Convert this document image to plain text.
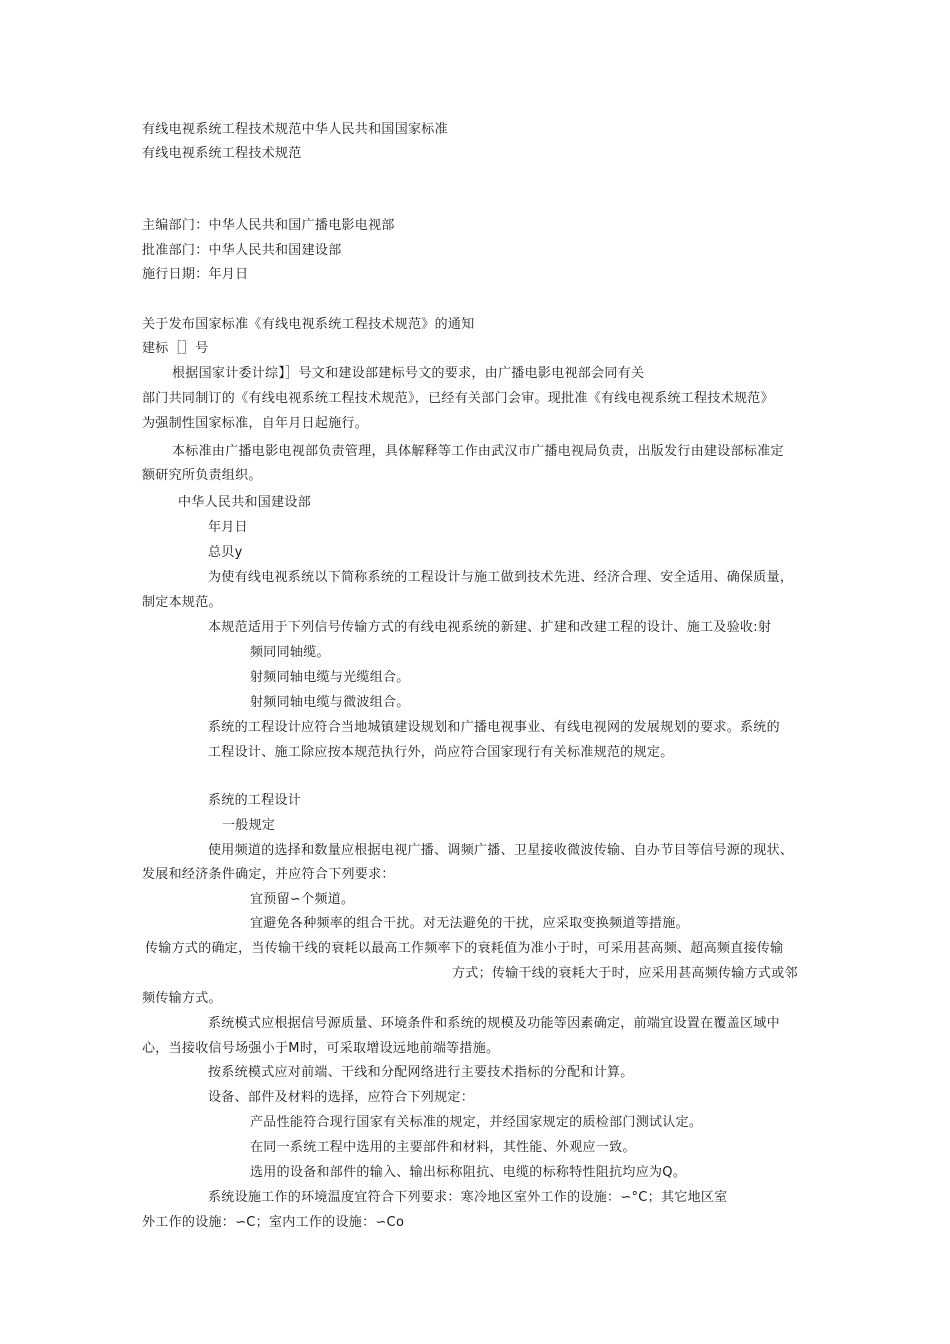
有线电视系统工程技术规范中华人民共和国国家标准
有线电视系统工程技术规范
主编部门：中华人民共和国广播电影电视部
批准部门：中华人民共和国建设部
施行日期：年月日
关于发布国家标准《有线电视系统工程技术规范》的通知
建标［］号
根据国家计委计综】］号文和建设部建标号文的要求，由广播电影电视部会同有关
部门共同制订的《有线电视系统工程技术规范》，已经有关部门会审。现批准《有线电视系统工程技术规范》
为强制性国家标准，自年月日起施行。
本标准由广播电影电视部负责管理，具体解释等工作由武汉市广播电视局负责，出版发行由建设部标准定
额研究所负责组织。
中华人民共和国建设部
年月日
总贝y
为使有线电视系统以下简称系统的工程设计与施工做到技术先进、经济合理、安全适用、确保质量，
制定本规范。
本规范适用于下列信号传输方式的有线电视系统的新建、扩建和改建工程的设计、施工及验收:射
频同同轴缆。
射频同轴电缆与光缆组合。
射频同轴电缆与微波组合。
系统的工程设计应符合当地城镇建设规划和广播电视事业、有线电视网的发展规划的要求。系统的
工程设计、施工除应按本规范执行外，尚应符合国家现行有关标准规范的规定。
系统的工程设计
一般规定
使用频道的选择和数量应根据电视广播、调频广播、卫星接收微波传输、自办节目等信号源的现状、
发展和经济条件确定，并应符合下列要求：
宜预留∽个频道。
宜避免各种频率的组合干扰。对无法避免的干扰，应采取变换频道等措施。
传输方式的确定，当传输干线的衰耗以最高工作频率下的衰耗值为准小于时，可采用甚高频、超高频直接传输
方式；传输干线的衰耗大于时，应采用甚高频传输方式或邻
频传输方式。
系统模式应根据信号源质量、环境条件和系统的规模及功能等因素确定，前端宜设置在覆盖区域中
心，当接收信号场强小于M时，可采取增设远地前端等措施。
按系统模式应对前端、干线和分配网络进行主要技术指标的分配和计算。
设备、部件及材料的选择，应符合下列规定：
产品性能符合现行国家有关标准的规定，并经国家规定的质检部门测试认定。
在同一系统工程中选用的主要部件和材料，其性能、外观应一致。
选用的设备和部件的输入、输出标称阻抗、电缆的标称特性阻抗均应为Q。
系统设施工作的环境温度宜符合下列要求：寒冷地区室外工作的设施：∽°C；其它地区室
外工作的设施：∽C；室内工作的设施：∽Co
